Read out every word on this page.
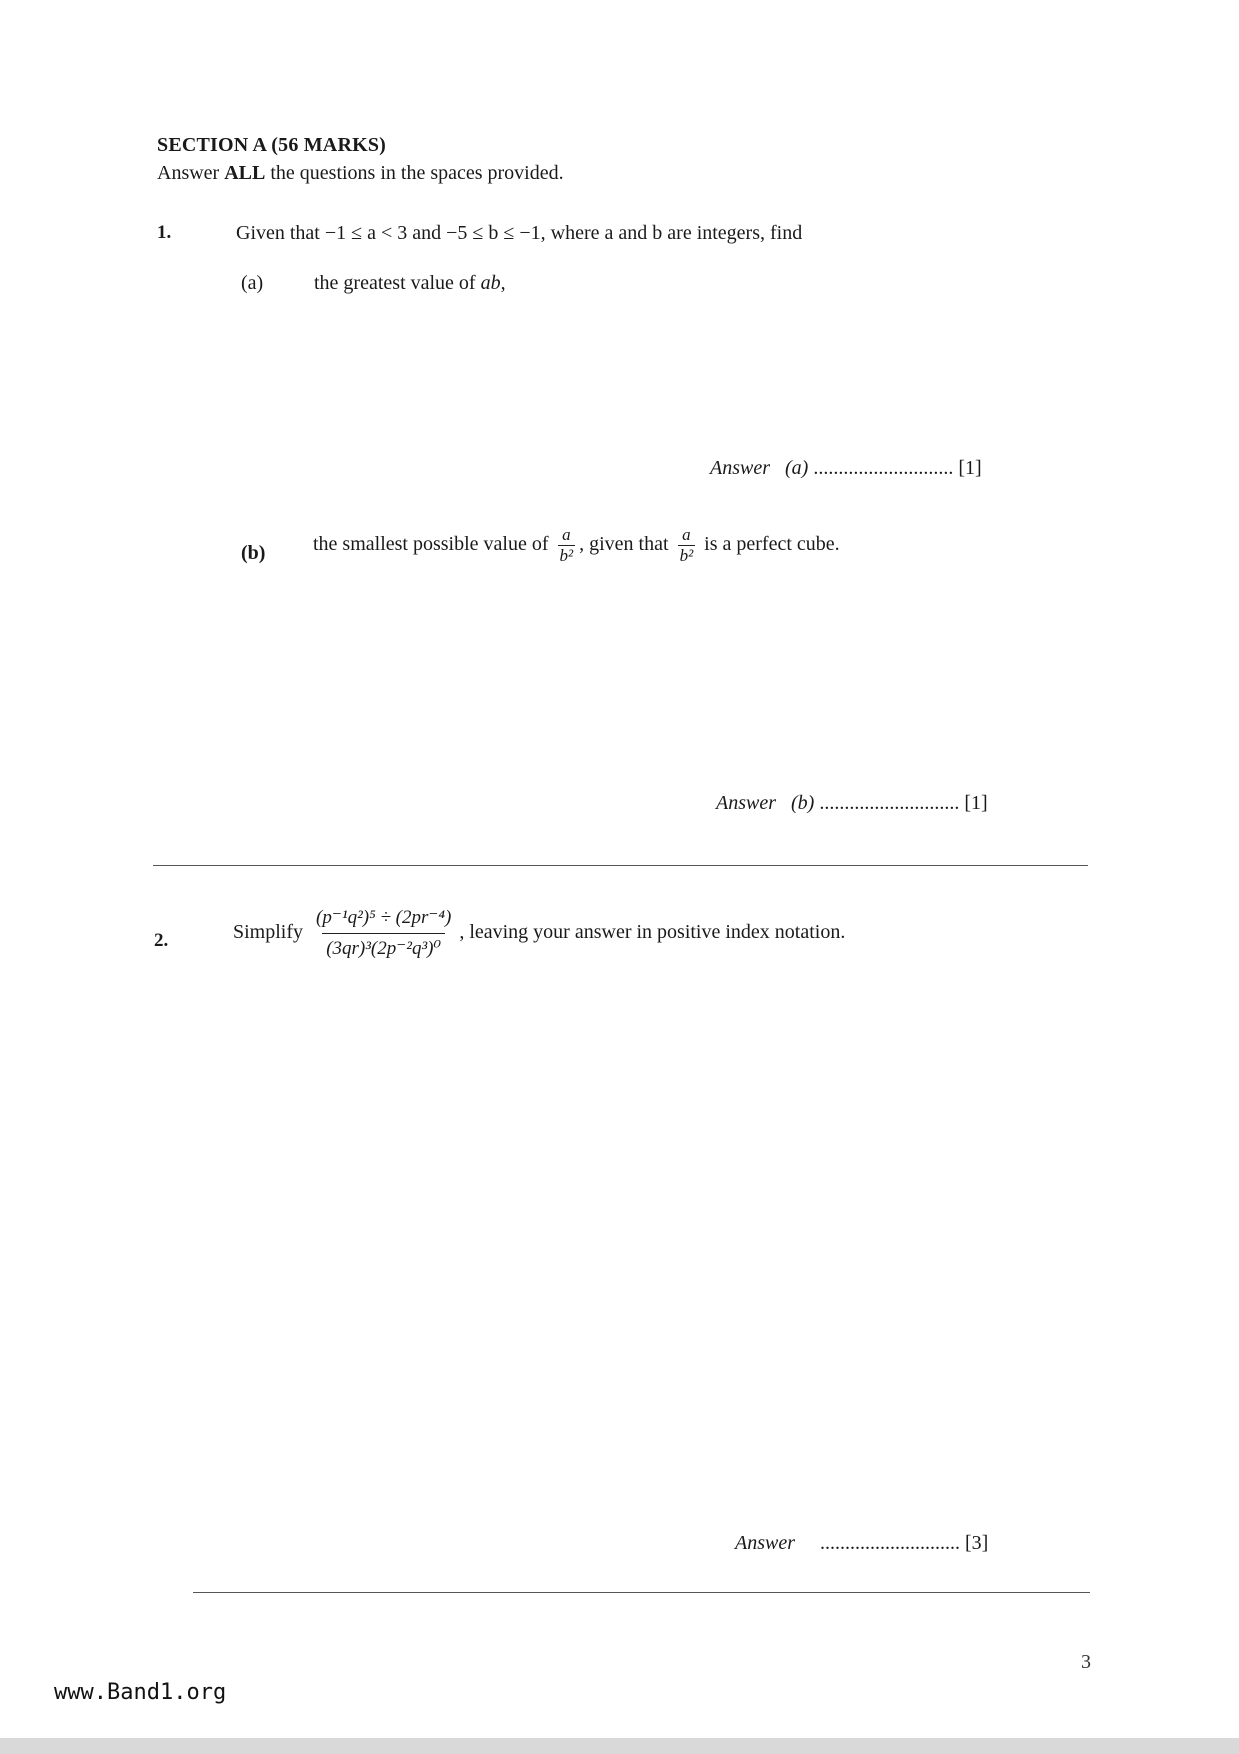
SECTION A (56 MARKS)
Answer ALL the questions in the spaces provided.
1.	Given that −1 ≤ a < 3 and −5 ≤ b ≤ −1, where a and b are integers, find
(a)	the greatest value of ab,
Answer (a) ............................ [1]
(b) the smallest possible value of $\frac{a}{\text{b²}}$ , given that $\frac{a}{\text{b²}}$ is a perfect cube.
Answer (b) ............................ [1]
2.	Simplify $\frac{\text{(p⁻¹q²)⁵ ÷ (2pr⁻⁴)}}{\text{(3qr)³(2p⁻²q³)⁰}}$ , leaving your answer in positive index notation.
Answer ............................ [3]
3
www.Band1.org
